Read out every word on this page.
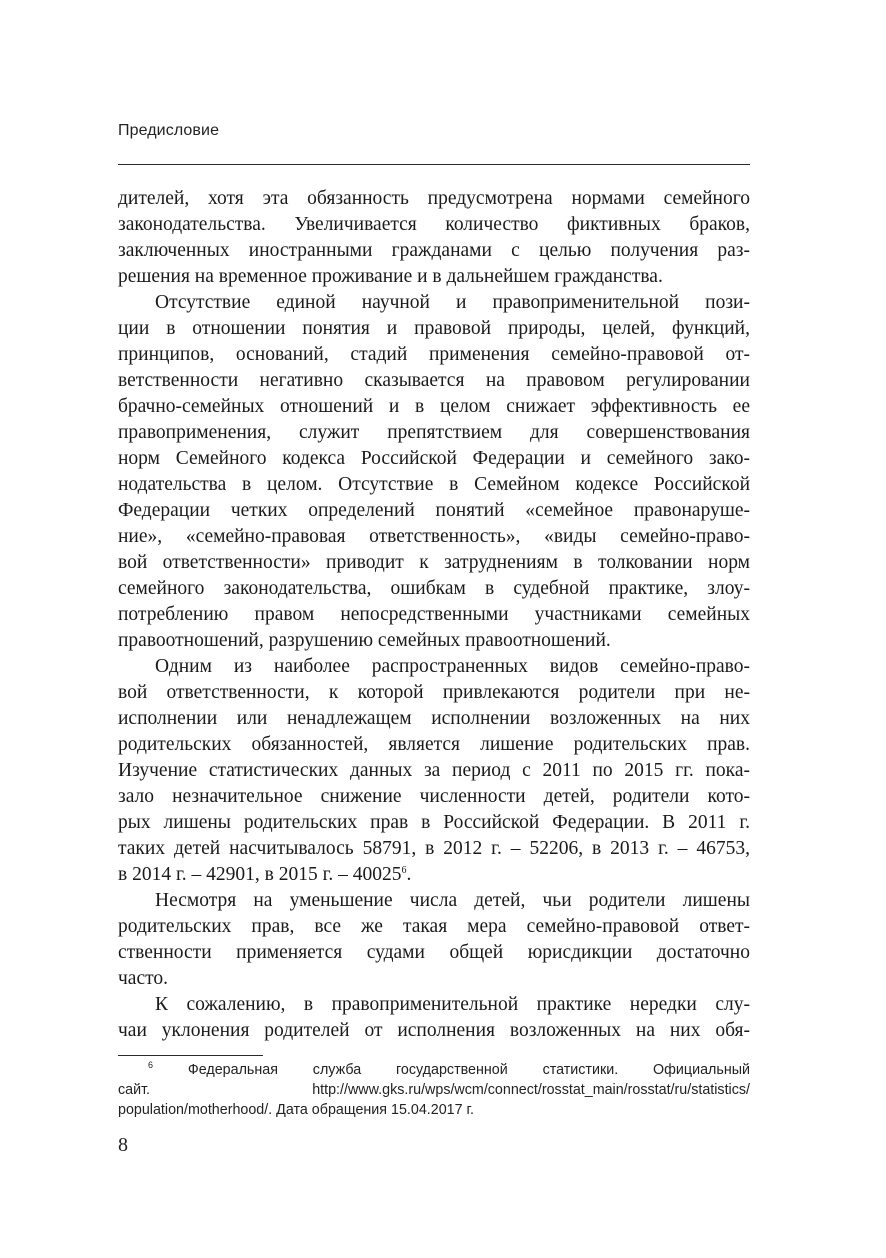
Предисловие

дителей, хотя эта обязанность предусмотрена нормами семейного

законодательства. Увеличивается количество фиктивных браков,

заключенных иностранными гражданами с целью получения раз-

решения на временное проживание и в дальнейшем гражданства.

Отсутствие единой научной и правоприменительной пози-

ции в отношении понятия и правовой природы, целей, функций,

принципов, оснований, стадий применения семейно-правовой от-

ветственности негативно сказывается на правовом регулировании

брачно-семейных отношений и в целом снижает эффективность ее

правоприменения, служит препятствием для совершенствования

норм Семейного кодекса Российской Федерации и семейного зако-

нодательства в целом. Отсутствие в Семейном кодексе Российской

Федерации четких определений понятий «семейное правонаруше-

ние», «семейно-правовая ответственность», «виды семейно-право-

вой ответственности» приводит к затруднениям в толковании норм

семейного законодательства, ошибкам в судебной практике, злоу-

потреблению правом непосредственными участниками семейных

правоотношений, разрушению семейных правоотношений.

Одним из наиболее распространенных видов семейно-право-

вой ответственности, к которой привлекаются родители при не-

исполнении или ненадлежащем исполнении возложенных на них

родительских обязанностей, является лишение родительских прав.

Изучение статистических данных за период с 2011 по 2015 гг. пока-

зало незначительное снижение численности детей, родители кото-

рых лишены родительских прав в Российской Федерации. В 2011 г.

таких детей насчитывалось 58791, в 2012 г. – 52206, в 2013 г. – 46753,

в 2014 г. – 42901, в 2015 г. – 40025$^6$.

Несмотря на уменьшение числа детей, чьи родители лишены

родительских прав, все же такая мера семейно-правовой ответ-

ственности применяется судами общей юрисдикции достаточно

часто.

К сожалению, в правоприменительной практике нередки слу-

чаи уклонения родителей от исполнения возложенных на них обя-

$^6$ Федеральная служба государственной статистики. Официальный

сайт. http://www.gks.ru/wps/wcm/connect/rosstat_main/rosstat/ru/statistics/

population/motherhood/. Дата обращения 15.04.2017 г.

8
